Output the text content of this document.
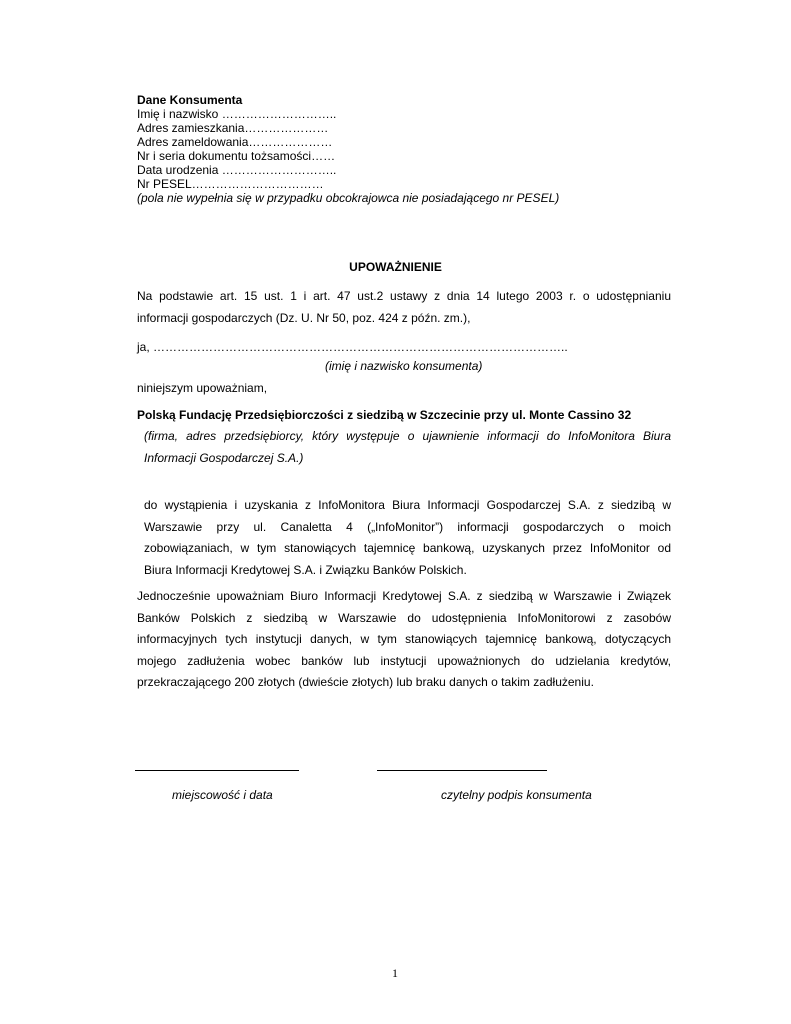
Dane Konsumenta
Imię i nazwisko ………………………..
Adres zamieszkania…………………
Adres zameldowania…………………
Nr i seria dokumentu tożsamości……
Data urodzenia ………………………..
Nr PESEL……………………………
(pola nie wypełnia się w przypadku obcokrajowca nie posiadającego nr PESEL)
UPOWAŻNIENIE
Na podstawie art. 15 ust. 1 i art. 47 ust.2 ustawy z dnia 14 lutego 2003 r. o udostępnianiu
informacji gospodarczych (Dz. U. Nr 50, poz. 424 z późn. zm.),
ja, …………………………………………………………………………………………..
(imię i nazwisko konsumenta)
niniejszym upoważniam,
Polską Fundację Przedsiębiorczości z siedzibą w Szczecinie przy ul. Monte Cassino 32
(firma, adres przedsiębiorcy, który występuje o ujawnienie informacji do InfoMonitora Biura
Informacji Gospodarczej S.A.)
do wystąpienia i uzyskania z InfoMonitora Biura Informacji Gospodarczej S.A. z siedzibą w
Warszawie przy ul. Canaletta 4 („InfoMonitor”) informacji gospodarczych o moich
zobowiązaniach, w tym stanowiących tajemnicę bankową, uzyskanych przez InfoMonitor od
Biura Informacji Kredytowej S.A. i Związku Banków Polskich.
Jednocześnie upoważniam Biuro Informacji Kredytowej S.A. z siedzibą w Warszawie i Związek
Banków Polskich z siedzibą w Warszawie do udostępnienia InfoMonitorowi z zasobów
informacyjnych tych instytucji danych, w tym stanowiących tajemnicę bankową, dotyczących
mojego zadłużenia wobec banków lub instytucji upoważnionych do udzielania kredytów,
przekraczającego 200 złotych (dwieście złotych) lub braku danych o takim zadłużeniu.
miejscowość i data	czytelny podpis konsumenta
1
